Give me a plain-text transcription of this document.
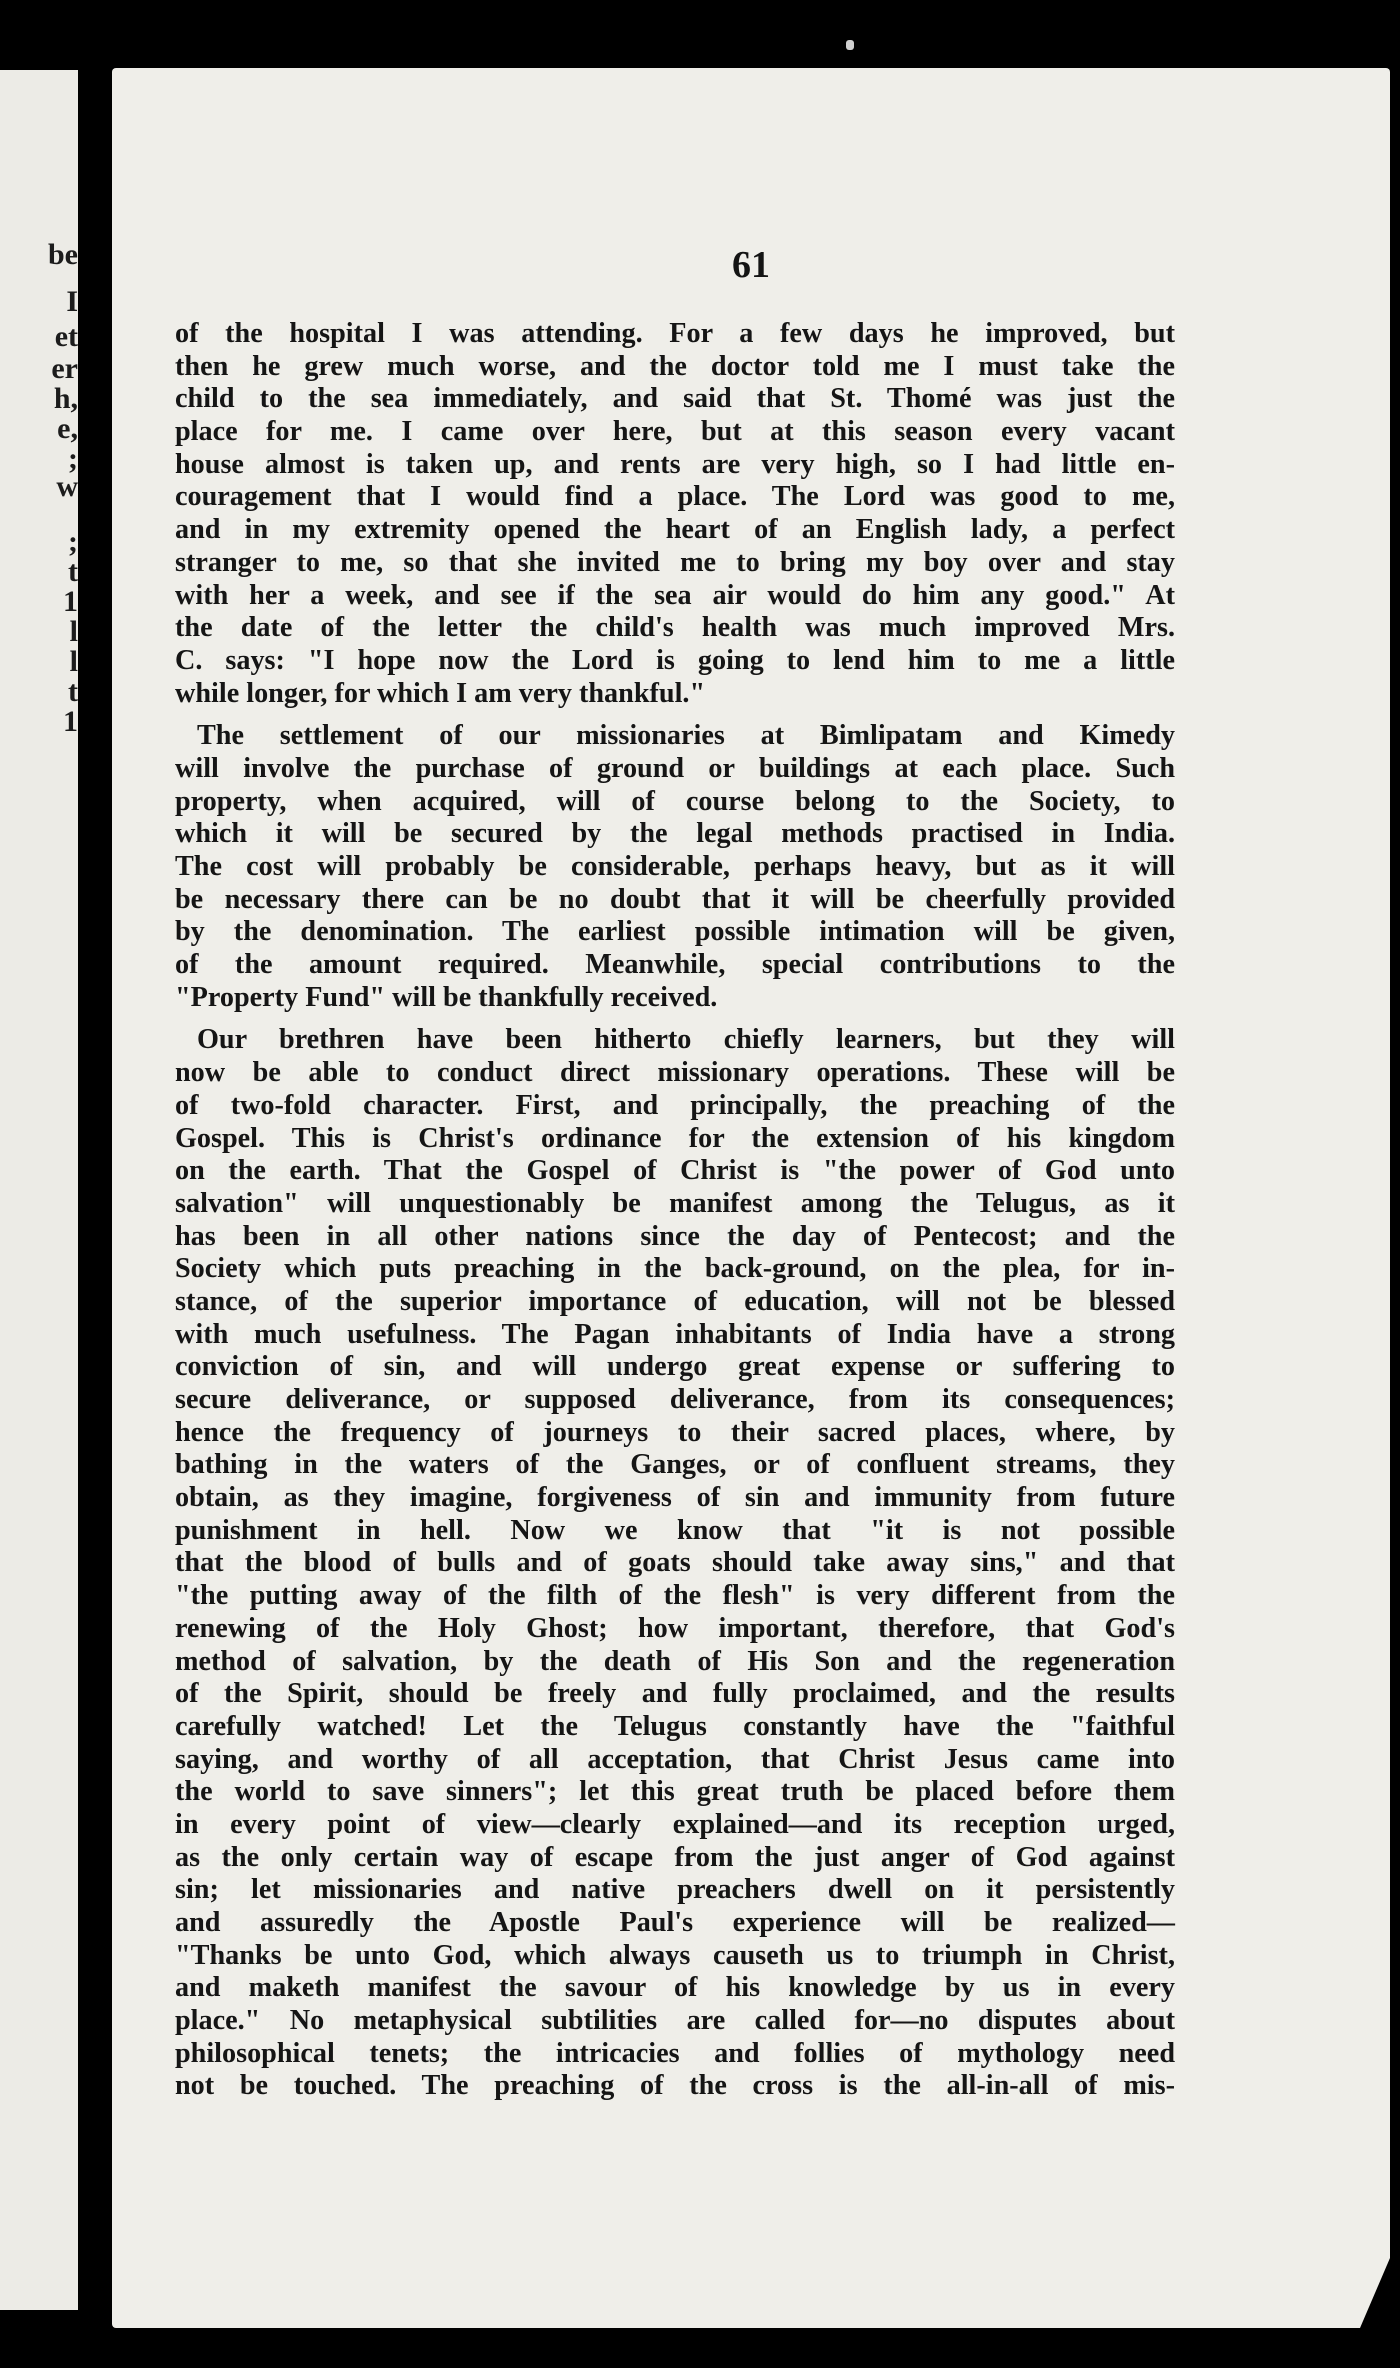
be
I
et
er
h,
e,
;
w
;
t
1
l
l
t
1
61
of the hospital I was attending. For a few days he improved, but
then he grew much worse, and the doctor told me I must take the
child to the sea immediately, and said that St. Thomé was just the
place for me. I came over here, but at this season every vacant
house almost is taken up, and rents are very high, so I had little en-
couragement that I would find a place. The Lord was good to me,
and in my extremity opened the heart of an English lady, a perfect
stranger to me, so that she invited me to bring my boy over and stay
with her a week, and see if the sea air would do him any good." At
the date of the letter the child's health was much improved Mrs.
C. says: "I hope now the Lord is going to lend him to me a little
while longer, for which I am very thankful."
The settlement of our missionaries at Bimlipatam and Kimedy
will involve the purchase of ground or buildings at each place. Such
property, when acquired, will of course belong to the Society, to
which it will be secured by the legal methods practised in India.
The cost will probably be considerable, perhaps heavy, but as it will
be necessary there can be no doubt that it will be cheerfully provided
by the denomination. The earliest possible intimation will be given,
of the amount required. Meanwhile, special contributions to the
"Property Fund" will be thankfully received.
Our brethren have been hitherto chiefly learners, but they will
now be able to conduct direct missionary operations. These will be
of two-fold character. First, and principally, the preaching of the
Gospel. This is Christ's ordinance for the extension of his kingdom
on the earth. That the Gospel of Christ is "the power of God unto
salvation" will unquestionably be manifest among the Telugus, as it
has been in all other nations since the day of Pentecost; and the
Society which puts preaching in the back-ground, on the plea, for in-
stance, of the superior importance of education, will not be blessed
with much usefulness. The Pagan inhabitants of India have a strong
conviction of sin, and will undergo great expense or suffering to
secure deliverance, or supposed deliverance, from its consequences;
hence the frequency of journeys to their sacred places, where, by
bathing in the waters of the Ganges, or of confluent streams, they
obtain, as they imagine, forgiveness of sin and immunity from future
punishment in hell. Now we know that "it is not possible
that the blood of bulls and of goats should take away sins," and that
"the putting away of the filth of the flesh" is very different from the
renewing of the Holy Ghost; how important, therefore, that God's
method of salvation, by the death of His Son and the regeneration
of the Spirit, should be freely and fully proclaimed, and the results
carefully watched! Let the Telugus constantly have the "faithful
saying, and worthy of all acceptation, that Christ Jesus came into
the world to save sinners"; let this great truth be placed before them
in every point of view—clearly explained—and its reception urged,
as the only certain way of escape from the just anger of God against
sin; let missionaries and native preachers dwell on it persistently
and assuredly the Apostle Paul's experience will be realized—
"Thanks be unto God, which always causeth us to triumph in Christ,
and maketh manifest the savour of his knowledge by us in every
place." No metaphysical subtilities are called for—no disputes about
philosophical tenets; the intricacies and follies of mythology need
not be touched. The preaching of the cross is the all-in-all of mis-
